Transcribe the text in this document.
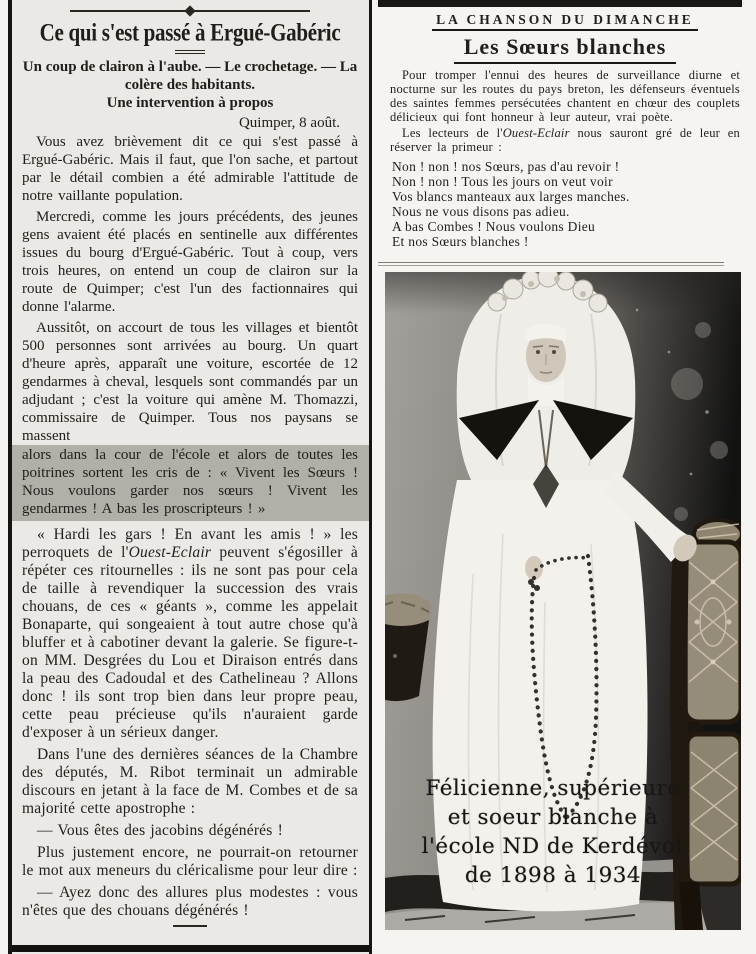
Ce qui s'est passé à Ergué-Gabéric

Un coup de clairon à l'aube. — Le crochetage. — La colère des habitants.

Une intervention à propos

Quimper, 8 août.

Vous avez brièvement dit ce qui s'est passé à Ergué-Gabéric. Mais il faut, que l'on sache, et partout par le détail combien a été admirable l'attitude de notre vaillante population.

Mercredi, comme les jours précédents, des jeunes gens avaient été placés en sentinelle aux différentes issues du bourg d'Ergué-Gabéric. Tout à coup, vers trois heures, on entend un coup de clairon sur la route de Quimper; c'est l'un des factionnaires qui donne l'alarme.

Aussitôt, on accourt de tous les villages et bientôt 500 personnes sont arrivées au bourg. Un quart d'heure après, apparaît une voiture, escortée de 12 gendarmes à cheval, lesquels sont commandés par un adjudant ; c'est la voiture qui amène M. Thomazzi, commissaire de Quimper. Tous nos paysans se massent

alors dans la cour de l'école et alors de toutes les poitrines sortent les cris de : « Vivent les Sœurs ! Nous voulons garder nos sœurs ! Vivent les gendarmes ! A bas les proscripteurs ! »

« Hardi les gars ! En avant les amis ! » les perroquets de l'Ouest-Eclair peuvent s'égosiller à répéter ces ritournelles : ils ne sont pas pour cela de taille à revendiquer la succession des vrais chouans, de ces « géants », comme les appelait Bonaparte, qui songeaient à tout autre chose qu'à bluffer et à cabotiner devant la galerie. Se figure-t-on MM. Desgrées du Lou et Diraison entrés dans la peau des Cadoudal et des Cathelineau ? Allons donc ! ils sont trop bien dans leur propre peau, cette peau précieuse qu'ils n'auraient garde d'exposer à un sérieux danger.

Dans l'une des dernières séances de la Chambre des députés, M. Ribot terminait un admirable discours en jetant à la face de M. Combes et de sa majorité cette apostrophe :

— Vous êtes des jacobins dégénérés !

Plus justement encore, ne pourrait-on retourner le mot aux meneurs du cléricalisme pour leur dire :

— Ayez donc des allures plus modestes : vous n'êtes que des chouans dégénérés !

LA CHANSON DU DIMANCHE
Les Sœurs blanches

Pour tromper l'ennui des heures de surveillance diurne et nocturne sur les routes du pays breton, les défenseurs éventuels des saintes femmes persécutées chantent en chœur des couplets délicieux qui font honneur à leur auteur, vrai poète.

Les lecteurs de l'Ouest-Eclair nous sauront gré de leur en réserver la primeur :

Non ! non ! nos Sœurs, pas d'au revoir !
Non ! non ! Tous les jours on veut voir
Vos blancs manteaux aux larges manches.
Nous ne vous disons pas adieu.
A bas Combes ! Nous voulons Dieu
Et nos Sœurs blanches !
Félicienne, supérieure
et soeur blanche à
l'école ND de Kerdévot
de 1898 à 1934
